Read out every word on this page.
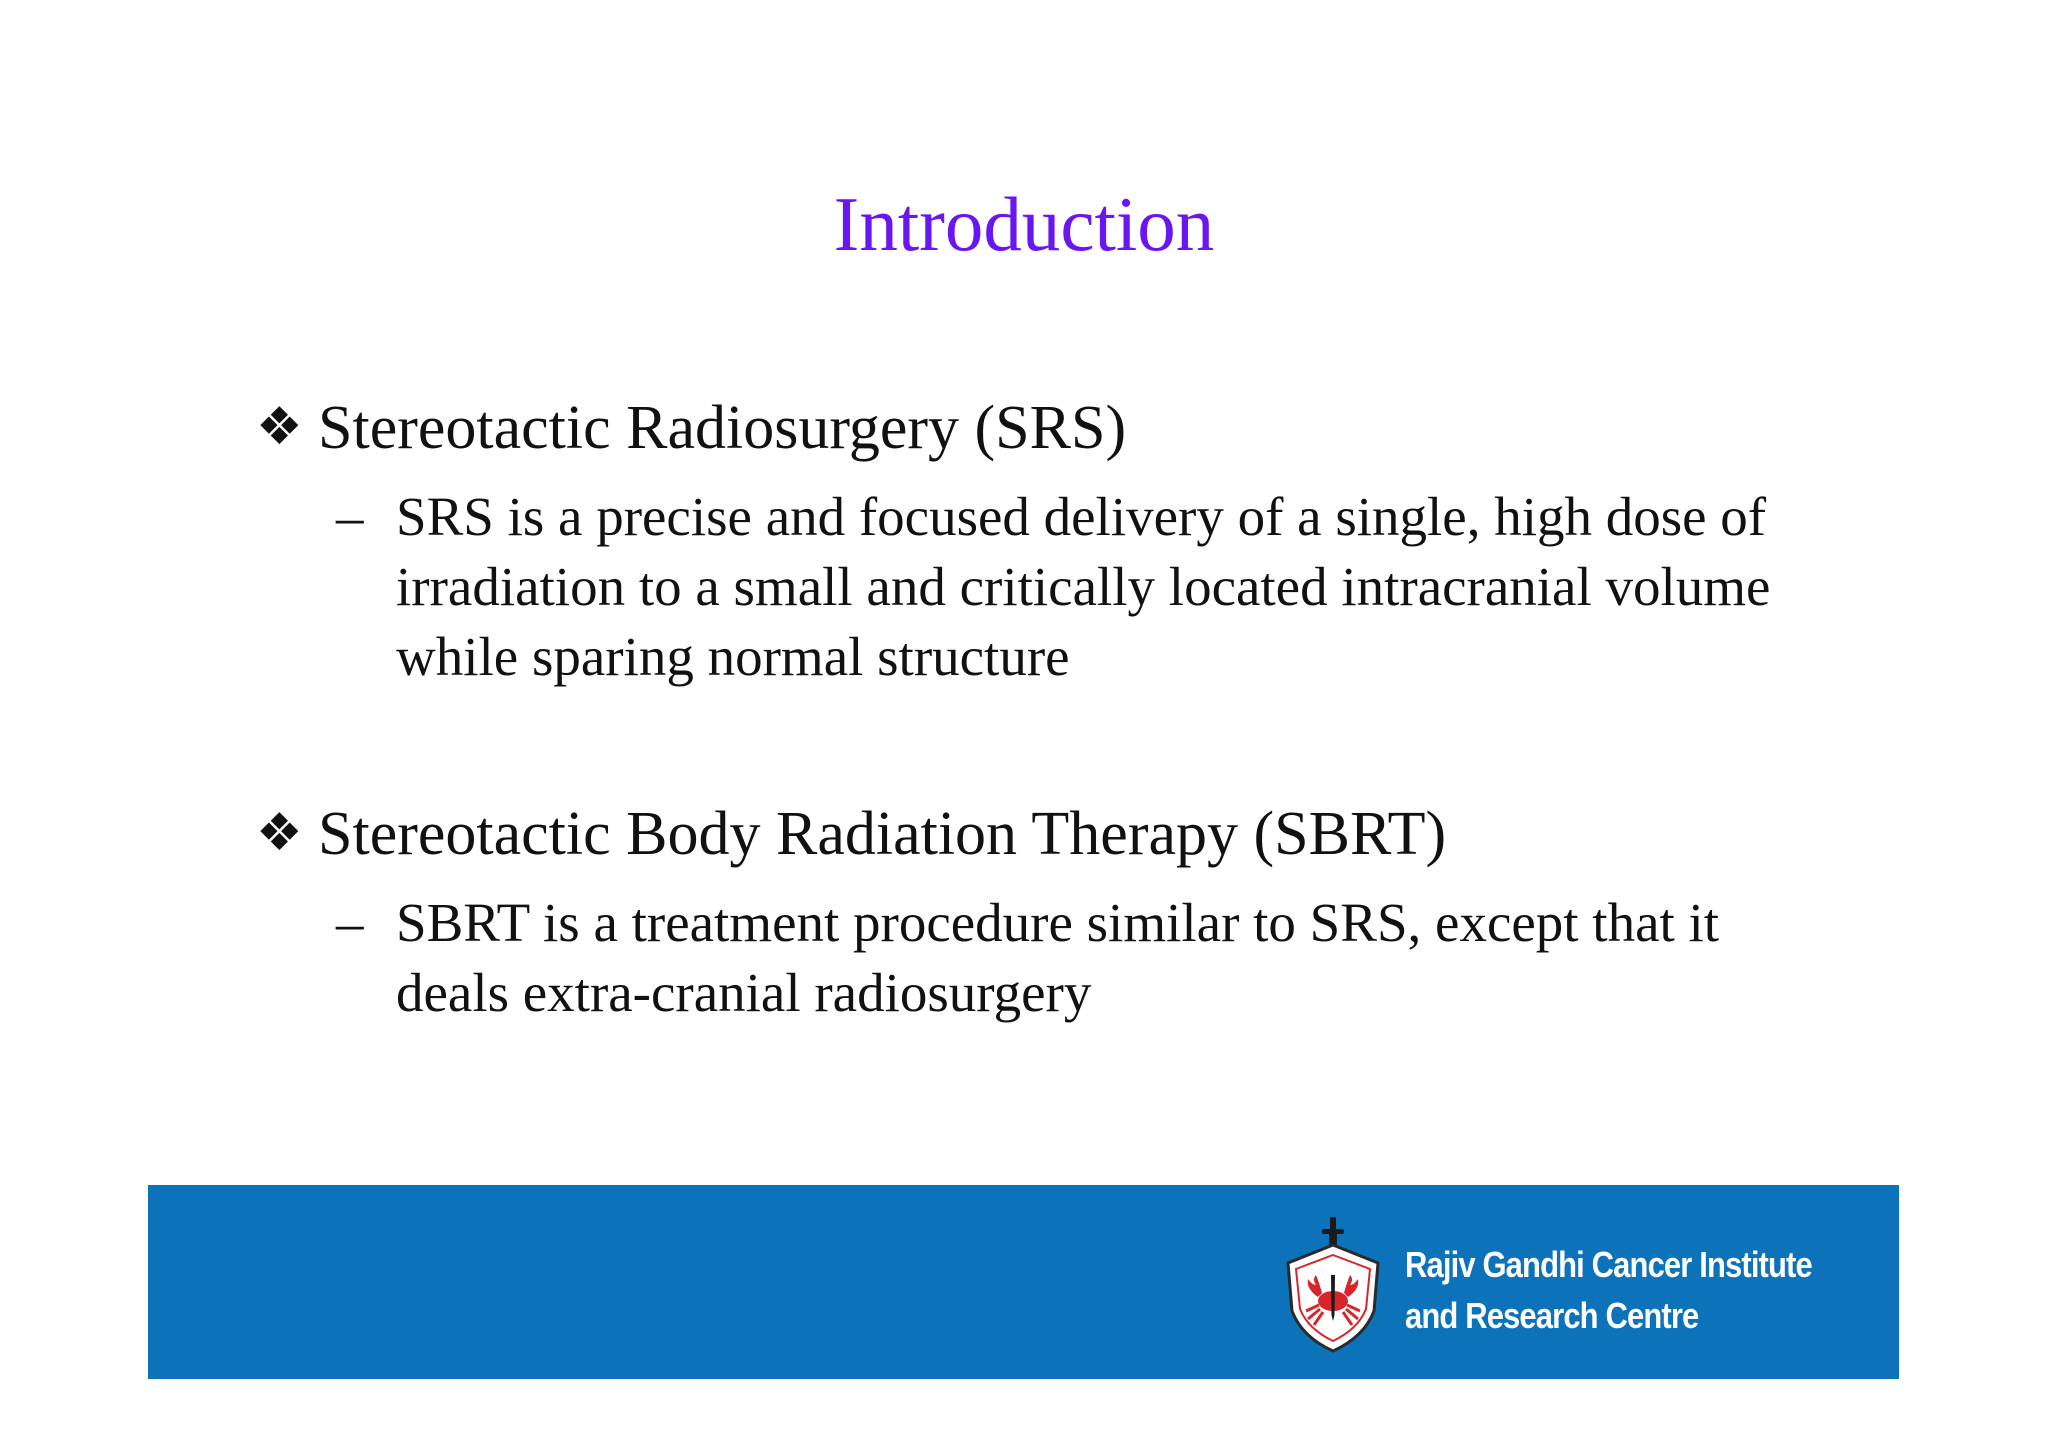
Introduction
❖ Stereotactic Radiosurgery (SRS)
– SRS is a precise and focused delivery of a single, high dose of irradiation to a small and critically located intracranial volume while sparing normal structure
❖ Stereotactic Body Radiation Therapy (SBRT)
– SBRT is a treatment procedure similar to SRS, except that it deals extra-cranial radiosurgery
Rajiv Gandhi Cancer Institute
and Research Centre
